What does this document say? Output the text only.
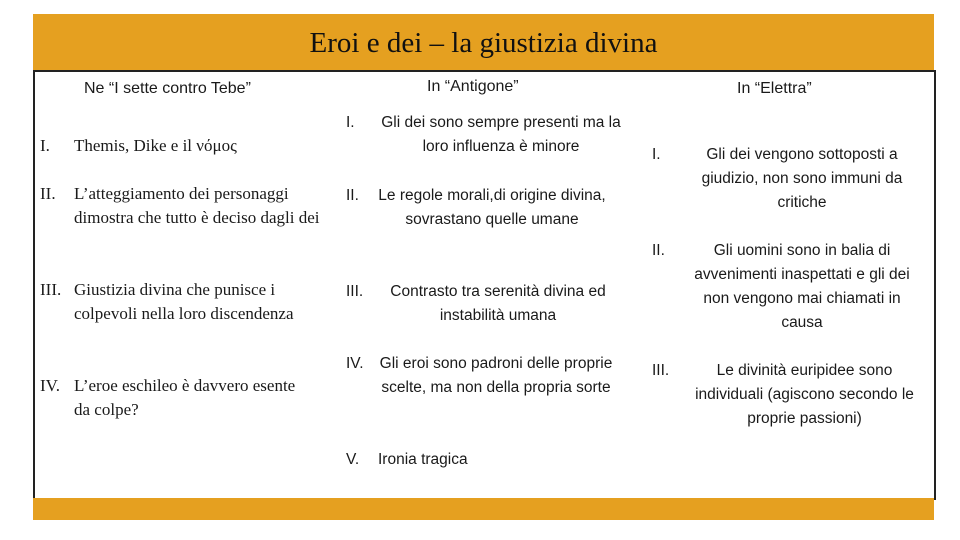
Eroi e dei – la giustizia divina
Ne “I sette contro Tebe”
I.	Themis, Dike e il νόμος
II.	L’atteggiamento dei personaggi dimostra che tutto è deciso dagli dei
III. Giustizia divina che punisce i colpevoli nella loro discendenza
IV. L’eroe eschileo è davvero esente da colpe?
In “Antigone”
I.	Gli dei sono sempre presenti ma la loro influenza è minore
II.	Le regole morali,di origine divina, sovrastano quelle umane
III.	Contrasto tra serenità divina ed instabilità umana
IV.	Gli eroi sono padroni delle proprie scelte, ma non della propria sorte
V.	Ironia tragica
In “Elettra”
I.	Gli dei vengono sottoposti a giudizio, non sono immuni da critiche
II.	Gli uomini sono in balia di avvenimenti inaspettati e gli dei non vengono mai chiamati in causa
III.	Le divinità euripidee sono individuali (agiscono secondo le proprie passioni)
